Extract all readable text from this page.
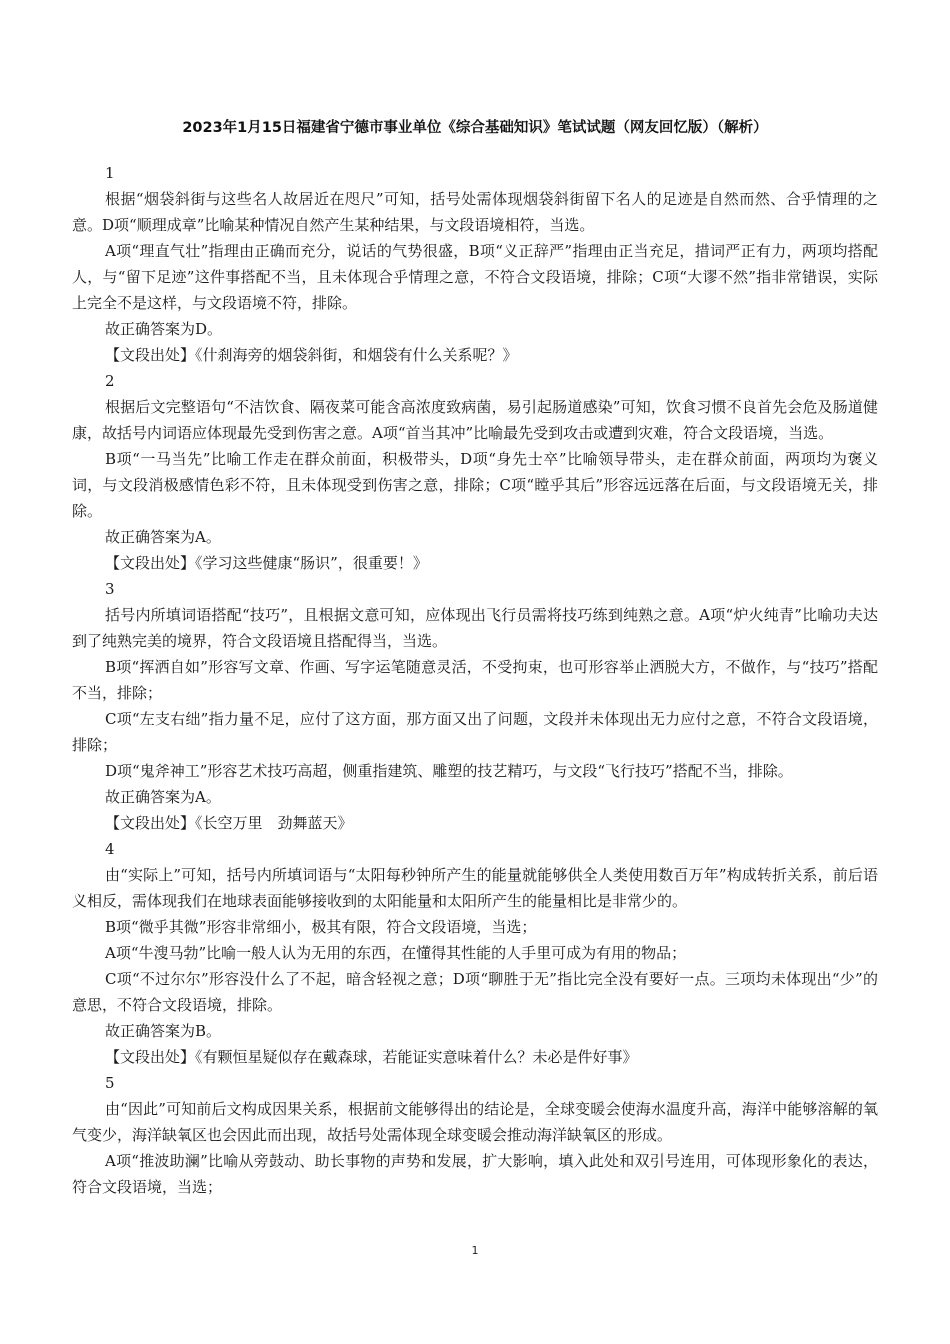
2023年1月15日福建省宁德市事业单位《综合基础知识》笔试试题（网友回忆版）（解析）

1

根据“烟袋斜街与这些名人故居近在咫尺”可知，括号处需体现烟袋斜街留下名人的足迹是自然而然、合乎情理的之意。D项“顺理成章”比喻某种情况自然产生某种结果，与文段语境相符，当选。

A项“理直气壮”指理由正确而充分，说话的气势很盛，B项“义正辞严”指理由正当充足，措词严正有力，两项均搭配人，与“留下足迹”这件事搭配不当，且未体现合乎情理之意，不符合文段语境，排除；C项“大谬不然”指非常错误，实际上完全不是这样，与文段语境不符，排除。

故正确答案为D。

【文段出处】《什刹海旁的烟袋斜街，和烟袋有什么关系呢？》

2

根据后文完整语句“不洁饮食、隔夜菜可能含高浓度致病菌，易引起肠道感染”可知，饮食习惯不良首先会危及肠道健康，故括号内词语应体现最先受到伤害之意。A项“首当其冲”比喻最先受到攻击或遭到灾难，符合文段语境，当选。

B项“一马当先”比喻工作走在群众前面，积极带头，D项“身先士卒”比喻领导带头，走在群众前面，两项均为褒义词，与文段消极感情色彩不符，且未体现受到伤害之意，排除；C项“瞠乎其后”形容远远落在后面，与文段语境无关，排除。

故正确答案为A。

【文段出处】《学习这些健康“肠识”，很重要！》

3

括号内所填词语搭配“技巧”，且根据文意可知，应体现出飞行员需将技巧练到纯熟之意。A项“炉火纯青”比喻功夫达到了纯熟完美的境界，符合文段语境且搭配得当，当选。

B项“挥洒自如”形容写文章、作画、写字运笔随意灵活，不受拘束，也可形容举止洒脱大方，不做作，与“技巧”搭配不当，排除；

C项“左支右绌”指力量不足，应付了这方面，那方面又出了问题，文段并未体现出无力应付之意，不符合文段语境，排除；

D项“鬼斧神工”形容艺术技巧高超，侧重指建筑、雕塑的技艺精巧，与文段“飞行技巧”搭配不当，排除。

故正确答案为A。

【文段出处】《长空万里　劲舞蓝天》

4

由“实际上”可知，括号内所填词语与“太阳每秒钟所产生的能量就能够供全人类使用数百万年”构成转折关系，前后语义相反，需体现我们在地球表面能够接收到的太阳能量和太阳所产生的能量相比是非常少的。

B项“微乎其微”形容非常细小，极其有限，符合文段语境，当选；

A项“牛溲马勃”比喻一般人认为无用的东西，在懂得其性能的人手里可成为有用的物品；

C项“不过尔尔”形容没什么了不起，暗含轻视之意；D项“聊胜于无”指比完全没有要好一点。三项均未体现出“少”的意思，不符合文段语境，排除。

故正确答案为B。

【文段出处】《有颗恒星疑似存在戴森球，若能证实意味着什么？未必是件好事》

5

由“因此”可知前后文构成因果关系，根据前文能够得出的结论是，全球变暖会使海水温度升高，海洋中能够溶解的氧气变少，海洋缺氧区也会因此而出现，故括号处需体现全球变暖会推动海洋缺氧区的形成。

A项“推波助澜”比喻从旁鼓动、助长事物的声势和发展，扩大影响，填入此处和双引号连用，可体现形象化的表达，符合文段语境，当选；

1
